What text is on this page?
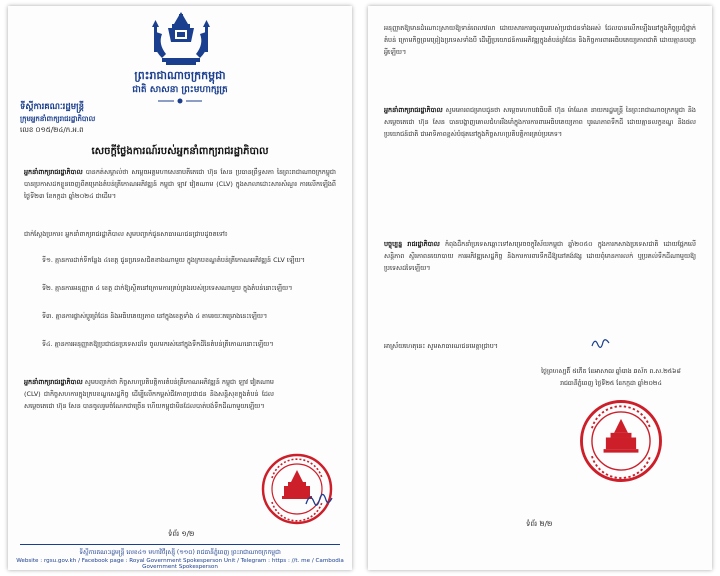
ព្រះរាជាណាចក្រកម្ពុជា
ជាតិ សាសនា ព្រះមហាក្សត្រ
ទីស្ដីការគណៈរដ្ឋមន្ត្រី
ក្រុមអ្នកនាំពាក្យរាជរដ្ឋាភិបាល
លេខ ០១៥/២៤/ក.អ.ព
សេចក្ដីថ្លែងការណ៍របស់អ្នកនាំពាក្យរាជរដ្ឋាភិបាល
អ្នកនាំពាក្យរាជរដ្ឋាភិបាល បានកត់សម្គាល់ថា សម្ដេចអគ្គមហាសេនាបតីតេជោ ហ៊ុន សែន ប្រធានព្រឹទ្ធសភា នៃព្រះរាជាណាចក្រកម្ពុជា បានប្រកាសដកខ្លួនចេញពីគម្រោងតំបន់ត្រីកោណអភិវឌ្ឍន៍ កម្ពុជា ឡាវ វៀតណាម (CLV) ក្នុងសាលាដោះសារសំណួរ ការលើកឡើងពីថ្ងៃទី២៣ ខែកក្កដា ឆ្នាំ២០២៤ ជាដើម។
ជាក់ស្ដែងប្រការ៖ អ្នកនាំពាក្យរាជរដ្ឋាភិបាល សូមបញ្ជាក់ជូនសាធារណជនជ្រាបដូចតទៅ៖
ទី១. គ្មានការដាក់ទីកន្លែង ៤ខេត្ត ជូនប្រទេសជិតខាងណាមួយ ក្នុងក្របខណ្ឌតំបន់ត្រីកោណអភិវឌ្ឍន៍ CLV ឡើយ។
ទី២. គ្មានការអនុញ្ញាត ៤ ខេត្ត ដាក់ឱ្យស្ថិតនៅក្រោមការគ្រប់គ្រងរបស់ប្រទេសណាមួយ ក្នុងតំបន់នោះឡើយ។
ទី៣. គ្មានការផ្លាស់ប្ដូរព្រំដែន និងអធិបតេយ្យភាព នៅក្នុងខេត្តទាំង ៤ តាមរយៈគម្រោងនេះឡើយ។
ទី៤. គ្មានការអនុញ្ញាតឱ្យប្រជាជនប្រទេសដទៃ ចូលមករស់នៅក្នុងទឹកដីនៃតំបន់ត្រីកោណនោះឡើយ។
អ្នកនាំពាក្យរាជរដ្ឋាភិបាល សូមបញ្ជាក់ថា កិច្ចសហប្រតិបត្តិការតំបន់ត្រីកោណអភិវឌ្ឍន៍ កម្ពុជា ឡាវ វៀតណាម (CLV) ជាកិច្ចសហការក្នុងក្របខណ្ឌសេដ្ឋកិច្ច ដើម្បីលើកកម្ពស់ជីវភាពប្រជាជន និងសន្តិសុខក្នុងតំបន់ ដែលសម្ដេចតេជោ ហ៊ុន សែន បានចូលរួមចំណែកជាច្រើន ហើយកម្ពុជាមិនដែលបាត់បង់ទឹកដីណាមួយឡើយ។
ទំព័រ ១/២
ទីស្ដីការគណៈរដ្ឋមន្ត្រី លេខ៤១ មហាវិថីរុស្ស៊ី (១១០) រាជធានីភ្នំពេញ ព្រះរាជាណាចក្រកម្ពុជា
Website : rgsu.gov.kh / Facebook page : Royal Government Spokesperson Unit / Telegram : https : //t. me / Cambodia Government Spokesperson
អនុញ្ញាតឱ្យមានដំណោះស្រាយឱ្យទាន់ពេលវេលា ដោយសារការចូលរួមរបស់ប្រជាជនទាំងអស់ ដែលបានលើកឡើងនៅក្នុងកិច្ចប្រជុំថ្នាក់តំបន់ ក្រោមកិច្ចព្រមព្រៀងប្រទេសទាំងបី ដើម្បីប្រយោជន៍ការអភិវឌ្ឍក្នុងតំបន់ព្រំដែន និងកិច្ចការពារអធិបតេយ្យភាពជាតិ ដោយគ្មានបញ្ហាអ្វីឡើយ។
អ្នកនាំពាក្យរាជរដ្ឋាភិបាល សូមគោរពជម្រាបជូនថា សម្ដេចមហាបវរធិបតី ហ៊ុន ម៉ាណែត នាយករដ្ឋមន្ត្រី នៃព្រះរាជាណាចក្រកម្ពុជា និងសម្ដេចតេជោ ហ៊ុន សែន បានបង្ហាញគោលជំហររឹងមាំក្នុងការការពារអធិបតេយ្យភាព បូរណភាពទឹកដី ដោយគ្មានលក្ខខណ្ឌ និងផលប្រយោជន៍ជាតិ ជាអាទិភាពខ្ពស់បំផុតនៅក្នុងកិច្ចសហប្រតិបត្តិការគ្រប់ប្រភេទ។
បច្ចុប្បន្ន រាជរដ្ឋាភិបាល កំពុងដឹកនាំប្រទេសឆ្ពោះទៅសម្រេចចក្ខុវិស័យកម្ពុជា ឆ្នាំ២០៥០ ក្នុងការកសាងប្រទេសជាតិ ដោយផ្អែកលើសន្តិភាព ស្ថិរភាពនយោបាយ ការអភិវឌ្ឍសេដ្ឋកិច្ច និងការការពារទឹកដីឱ្យនៅគង់វង្ស ដោយពុំមានការលក់ ឬប្រគល់ទឹកដីណាមួយឱ្យប្រទេសដទៃឡើយ។
អាស្រ័យហេតុនេះ សូមសាធារណជនមេត្តាជ្រាប។
ថ្ងៃព្រហស្បតិ៍ ៥កើត ខែអាសាឍ ឆ្នាំរោង ឆស័ក ព.ស.២៥៦៨
រាជធានីភ្នំពេញ ថ្ងៃទី២៥ ខែកក្កដា ឆ្នាំ២០២៤
ទំព័រ ២/២
